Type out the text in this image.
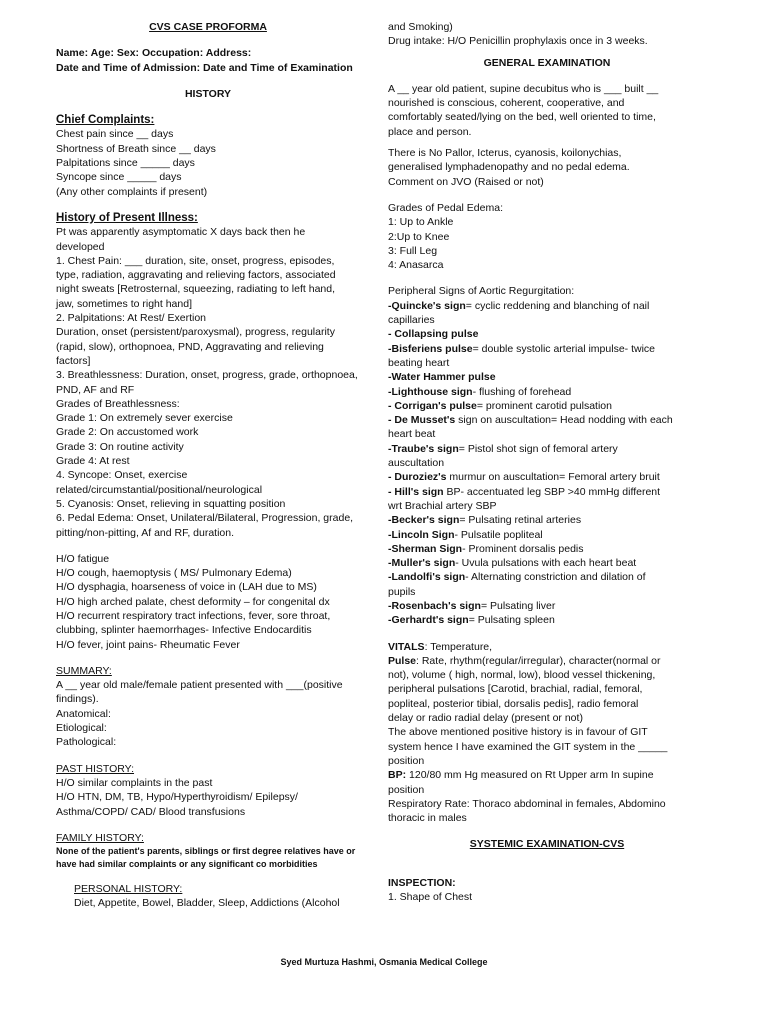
CVS CASE PROFORMA
Name: Age: Sex: Occupation: Address:
Date and Time of Admission: Date and Time of Examination
HISTORY
Chief Complaints:
Chest pain since __ days
Shortness of Breath since __ days
Palpitations since _____ days
Syncope since _____ days
(Any other complaints if present)
History of Present Illness:
Pt was apparently asymptomatic X days back then he
developed
1. Chest Pain: ___ duration, site, onset, progress, episodes,
type, radiation, aggravating and relieving factors, associated
night sweats [Retrosternal, squeezing, radiating to left hand,
jaw, sometimes to right hand]
2. Palpitations: At Rest/ Exertion
Duration, onset (persistent/paroxysmal), progress, regularity
(rapid, slow), orthopnoea, PND, Aggravating and relieving
factors]
3. Breathlessness: Duration, onset, progress, grade, orthopnoea,
PND, AF and RF
Grades of Breathlessness:
Grade 1: On extremely sever exercise
Grade 2: On accustomed work
Grade 3: On routine activity
Grade 4: At rest
4. Syncope: Onset, exercise
related/circumstantial/positional/neurological
5. Cyanosis: Onset, relieving in squatting position
6. Pedal Edema: Onset, Unilateral/Bilateral, Progression, grade,
pitting/non-pitting, Af and RF, duration.
H/O fatigue
H/O cough, haemoptysis ( MS/ Pulmonary Edema)
H/O dysphagia, hoarseness of voice in (LAH due to MS)
H/O high arched palate, chest deformity – for congenital dx
H/O recurrent respiratory tract infections, fever, sore throat,
clubbing, splinter haemorrhages- Infective Endocarditis
H/O fever, joint pains- Rheumatic Fever
SUMMARY:
A __ year old male/female patient presented with ___(positive
findings).
Anatomical:
Etiological:
Pathological:
PAST HISTORY:
H/O similar complaints in the past
H/O HTN, DM, TB, Hypo/Hyperthyroidism/ Epilepsy/
Asthma/COPD/ CAD/ Blood transfusions
FAMILY HISTORY:
None of the patient's parents, siblings or first degree relatives have or
have had similar complaints or any significant co morbidities
PERSONAL HISTORY:
Diet, Appetite, Bowel, Bladder, Sleep, Addictions (Alcohol
and Smoking)
Drug intake: H/O Penicillin prophylaxis once in 3 weeks.
GENERAL EXAMINATION
A __ year old patient, supine decubitus who is ___ built __
nourished is conscious, coherent, cooperative, and
comfortably seated/lying on the bed, well oriented to time,
place and person.
There is No Pallor, Icterus, cyanosis, koilonychias,
generalised lymphadenopathy and no pedal edema.
Comment on JVO (Raised or not)
Grades of Pedal Edema:
1: Up to Ankle
2:Up to Knee
3: Full Leg
4: Anasarca
Peripheral Signs of Aortic Regurgitation:
-Quincke's sign= cyclic reddening and blanching of nail
capillaries
- Collapsing pulse
-Bisferiens pulse= double systolic arterial impulse- twice
beating heart
-Water Hammer pulse
-Lighthouse sign- flushing of forehead
- Corrigan's pulse= prominent carotid pulsation
- De Musset's sign on auscultation= Head nodding with each
heart beat
-Traube's sign= Pistol shot sign of femoral artery
auscultation
- Duroziez's murmur on auscultation= Femoral artery bruit
- Hill's sign BP- accentuated leg SBP >40 mmHg different
wrt Brachial artery SBP
-Becker's sign= Pulsating retinal arteries
-Lincoln Sign- Pulsatile popliteal
-Sherman Sign- Prominent dorsalis pedis
-Muller's sign- Uvula pulsations with each heart beat
-Landolfi's sign- Alternating constriction and dilation of
pupils
-Rosenbach's sign= Pulsating liver
-Gerhardt's sign= Pulsating spleen
VITALS: Temperature,
Pulse: Rate, rhythm(regular/irregular), character(normal or
not), volume ( high, normal, low), blood vessel thickening,
peripheral pulsations [Carotid, brachial, radial, femoral,
popliteal, posterior tibial, dorsalis pedis], radio femoral
delay or radio radial delay (present or not)
The above mentioned positive history is in favour of GIT
system hence I have examined the GIT system in the _____
position
BP: 120/80 mm Hg measured on Rt Upper arm In supine
position
Respiratory Rate: Thoraco abdominal in females, Abdomino
thoracic in males
SYSTEMIC EXAMINATION-CVS
INSPECTION:
1. Shape of Chest
Syed Murtuza Hashmi, Osmania Medical College
